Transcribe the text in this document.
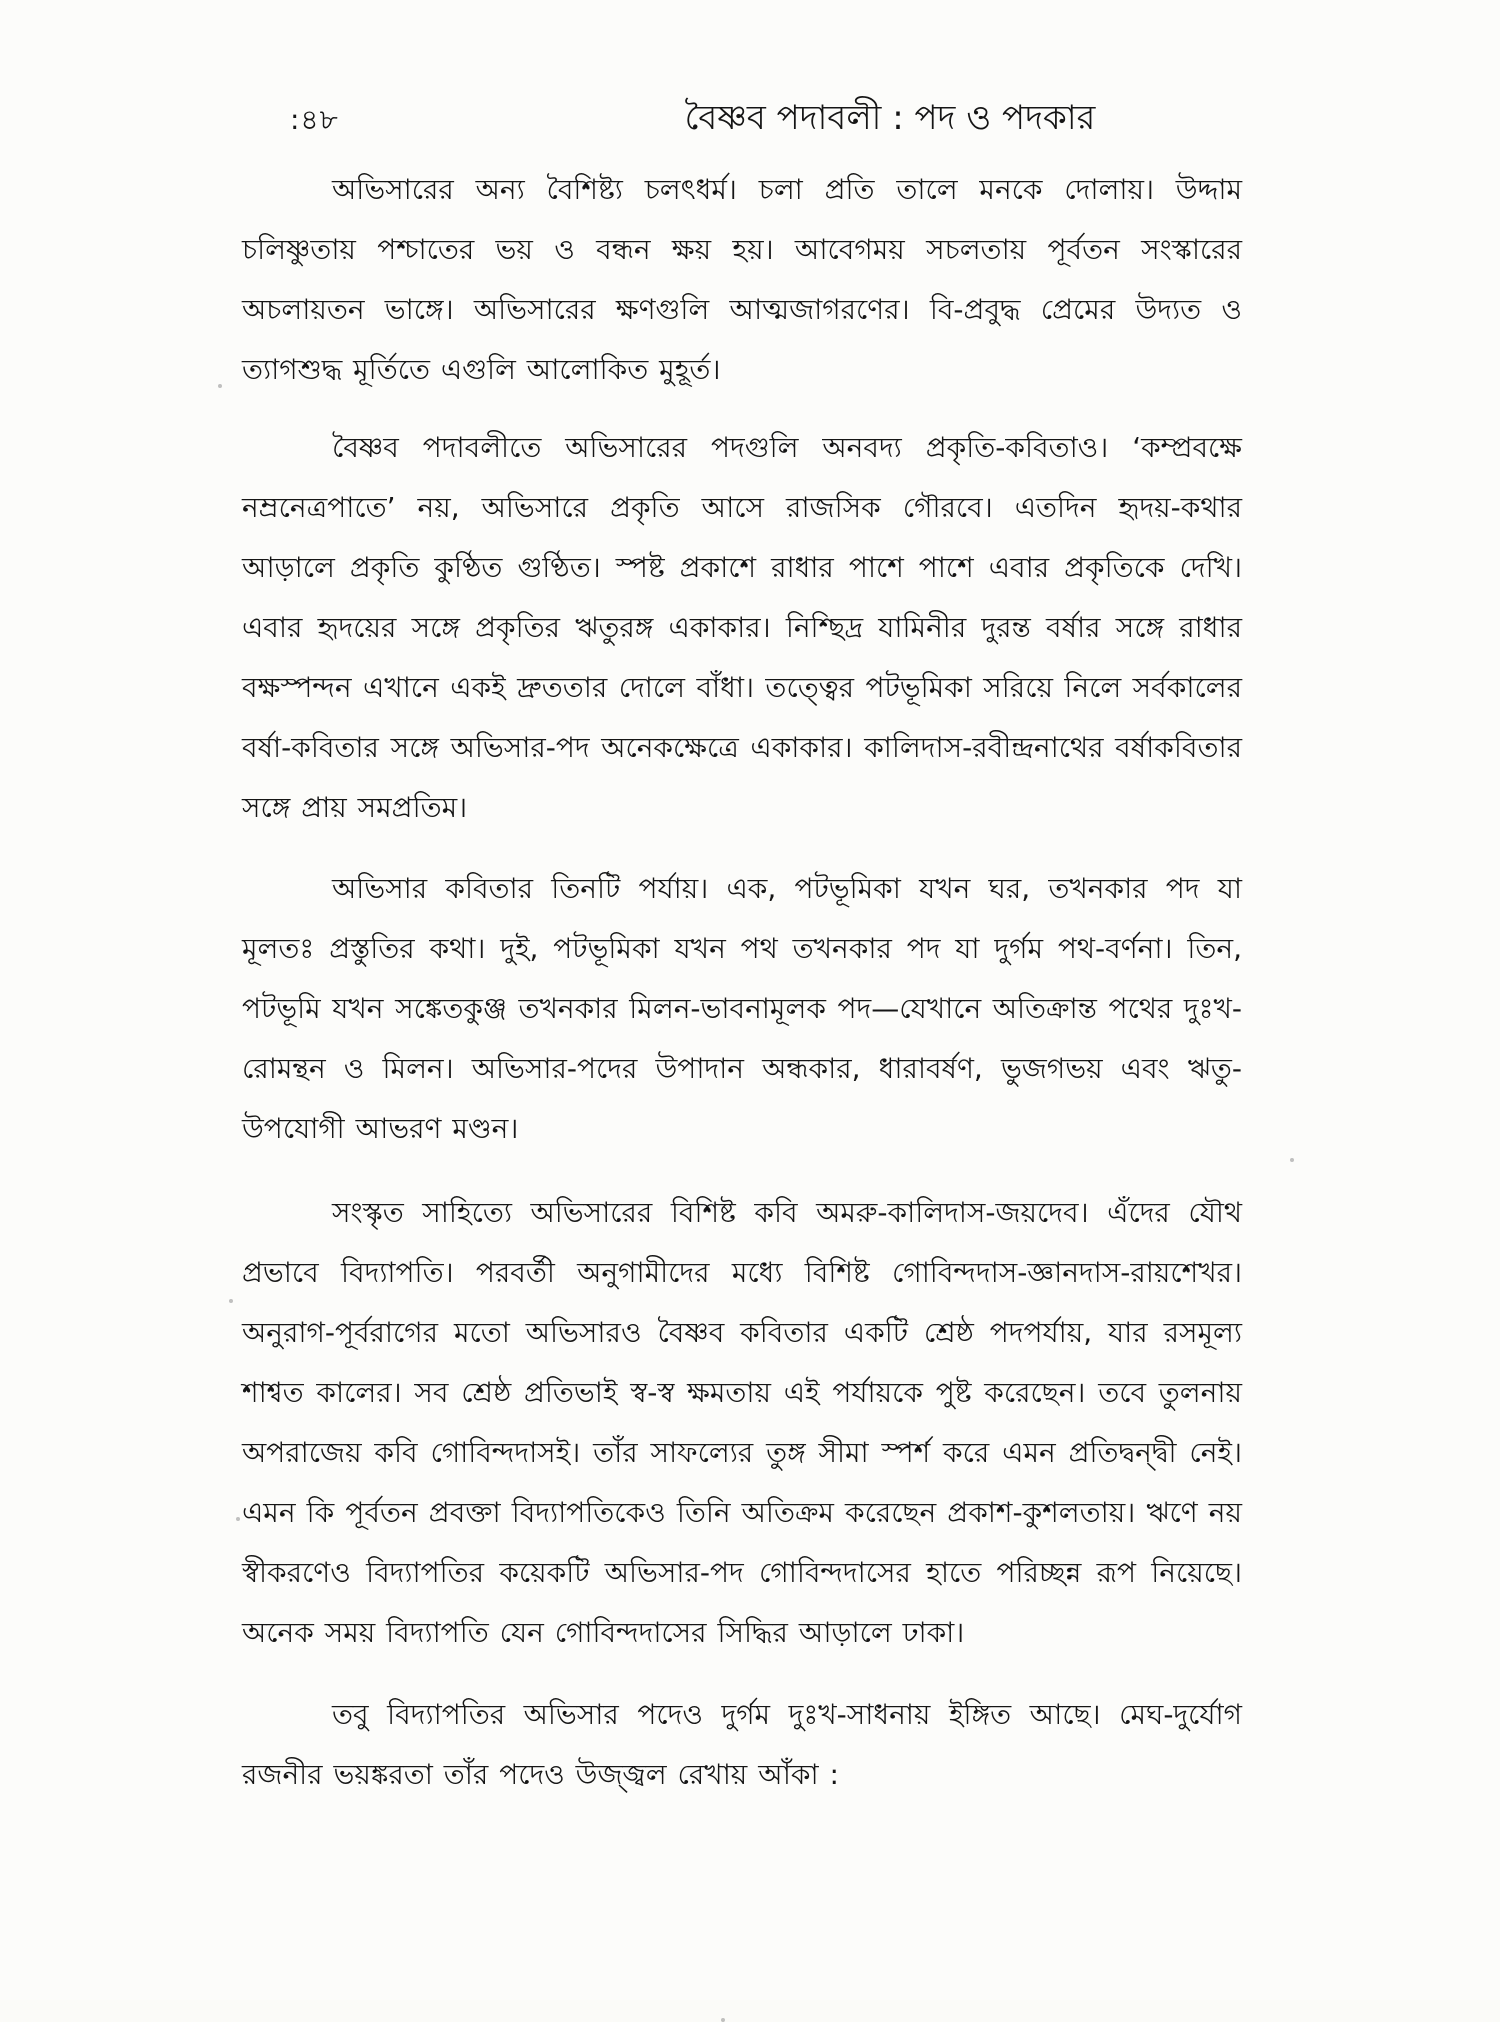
:৪৮	বৈষ্ণব পদাবলী : পদ ও পদকার

অভিসারের অন্য বৈশিষ্ট্য চলৎধর্ম। চলা প্রতি তালে মনকে দোলায়। উদ্দাম চলিষ্ণুতায় পশ্চাতের ভয় ও বন্ধন ক্ষয় হয়। আবেগময় সচলতায় পূর্বতন সংস্কারের অচলায়তন ভাঙ্গে। অভিসারের ক্ষণগুলি আত্মজাগরণের। বি-প্রবুদ্ধ প্রেমের উদ্যত ও ত্যাগশুদ্ধ মূর্তিতে এগুলি আলোকিত মুহূর্ত।

বৈষ্ণব পদাবলীতে অভিসারের পদগুলি অনবদ্য প্রকৃতি-কবিতাও। ‘কম্প্রবক্ষে নম্রনেত্রপাতে’ নয়, অভিসারে প্রকৃতি আসে রাজসিক গৌরবে। এতদিন হৃদয়-কথার আড়ালে প্রকৃতি কুণ্ঠিত গুণ্ঠিত। স্পষ্ট প্রকাশে রাধার পাশে পাশে এবার প্রকৃতিকে দেখি। এবার হৃদয়ের সঙ্গে প্রকৃতির ঋতুরঙ্গ একাকার। নিশ্ছিদ্র যামিনীর দুরন্ত বর্ষার সঙ্গে রাধার বক্ষস্পন্দন এখানে একই দ্রুততার দোলে বাঁধা। তত্ত্বের পটভূমিকা সরিয়ে নিলে সর্বকালের বর্ষা-কবিতার সঙ্গে অভিসার-পদ অনেকক্ষেত্রে একাকার। কালিদাস-রবীন্দ্রনাথের বর্ষাকবিতার সঙ্গে প্রায় সমপ্রতিম।

অভিসার কবিতার তিনটি পর্যায়। এক, পটভূমিকা যখন ঘর, তখনকার পদ যা মূলতঃ প্রস্তুতির কথা। দুই, পটভূমিকা যখন পথ তখনকার পদ যা দুর্গম পথ-বর্ণনা। তিন, পটভূমি যখন সঙ্কেতকুঞ্জ তখনকার মিলন-ভাবনামূলক পদ—যেখানে অতিক্রান্ত পথের দুঃখ-রোমন্থন ও মিলন। অভিসার-পদের উপাদান অন্ধকার, ধারাবর্ষণ, ভুজগভয় এবং ঋতু-উপযোগী আভরণ মণ্ডন।

সংস্কৃত সাহিত্যে অভিসারের বিশিষ্ট কবি অমরু-কালিদাস-জয়দেব। এঁদের যৌথ প্রভাবে বিদ্যাপতি। পরবর্তী অনুগামীদের মধ্যে বিশিষ্ট গোবিন্দদাস-জ্ঞানদাস-রায়শেখর। অনুরাগ-পূর্বরাগের মতো অভিসারও বৈষ্ণব কবিতার একটি শ্রেষ্ঠ পদপর্যায়, যার রসমূল্য শাশ্বত কালের। সব শ্রেষ্ঠ প্রতিভাই স্ব-স্ব ক্ষমতায় এই পর্যায়কে পুষ্ট করেছেন। তবে তুলনায় অপরাজেয় কবি গোবিন্দদাসই। তাঁর সাফল্যের তুঙ্গ সীমা স্পর্শ করে এমন প্রতিদ্বন্দ্বী নেই। এমন কি পূর্বতন প্রবক্তা বিদ্যাপতিকেও তিনি অতিক্রম করেছেন প্রকাশ-কুশলতায়। ঋণে নয় স্বীকরণেও বিদ্যাপতির কয়েকটি অভিসার-পদ গোবিন্দদাসের হাতে পরিচ্ছন্ন রূপ নিয়েছে। অনেক সময় বিদ্যাপতি যেন গোবিন্দদাসের সিদ্ধির আড়ালে ঢাকা।

তবু বিদ্যাপতির অভিসার পদেও দুর্গম দুঃখ-সাধনায় ইঙ্গিত আছে। মেঘ-দুর্যোগ রজনীর ভয়ঙ্করতা তাঁর পদেও উজ্জ্বল রেখায় আঁকা :
